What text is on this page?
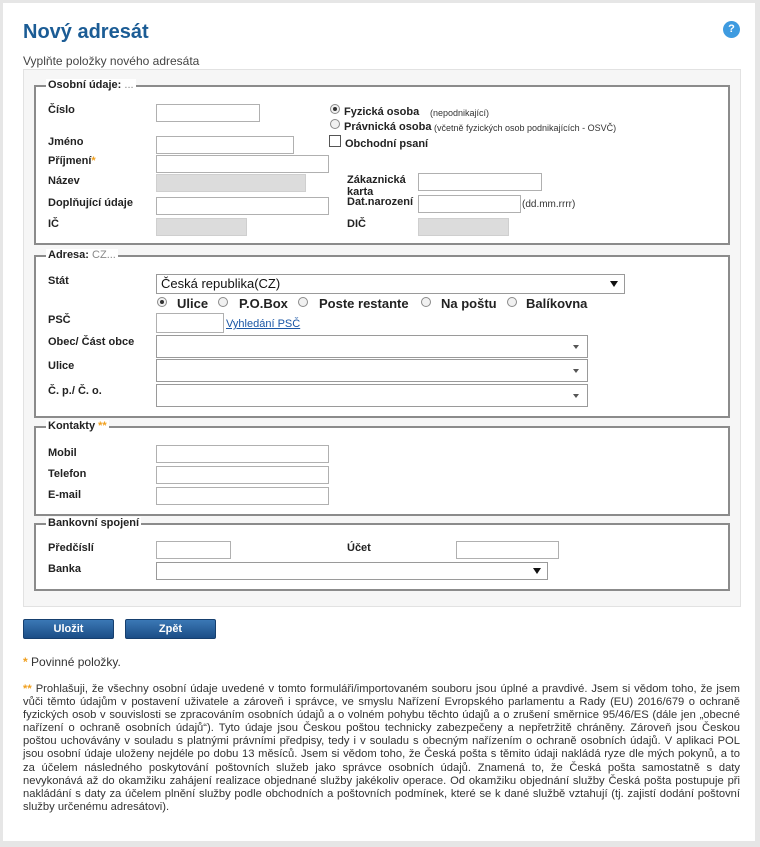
Nový adresát	?
Vyplňte položky nového adresáta
Osobní údaje: ...
Číslo	Fyzická osoba (nepodnikající)
Právnická osoba (včetně fyzických osob podnikajících - OSVČ)
Jméno	Obchodní psaní
Příjmení*
Název	Zákaznická
karta
Doplňující údaje	Dat.narození	(dd.mm.rrrr)
IČ	DIČ
Adresa: CZ...
Stát	Česká republika(CZ)
Ulice P.O.Box Poste restante Na poštu Balíkovna
PSČ	Vyhledání PSČ
Obec/ Část obce
Ulice
Č. p./ Č. o.
Kontakty **
Mobil
Telefon
E-mail
Bankovní spojení
Předčíslí	Účet
Banka
Uložit	Zpět
* Povinné položky.
** Prohlašuji, že všechny osobní údaje uvedené v tomto formuláři/importovaném souboru jsou úplné a pravdivé. Jsem si vědom toho, že jsem vůči těmto údajům v postavení uživatele a zároveň i správce, ve smyslu Nařízení Evropského parlamentu a Rady (EU) 2016/679 o ochraně fyzických osob v souvislosti se zpracováním osobních údajů a o volném pohybu těchto údajů a o zrušení směrnice 95/46/ES (dále jen „obecné nařízení o ochraně osobních údajů“). Tyto údaje jsou Českou poštou technicky zabezpečeny a nepřetržitě chráněny. Zároveň jsou Českou poštou uchovávány v souladu s platnými právními předpisy, tedy i v souladu s obecným nařízením o ochraně osobních údajů. V aplikaci POL jsou osobní údaje uloženy nejdéle po dobu 13 měsíců. Jsem si vědom toho, že Česká pošta s těmito údaji nakládá ryze dle mých pokynů, a to za účelem následného poskytování poštovních služeb jako správce osobních údajů. Znamená to, že Česká pošta samostatně s daty nevykonává až do okamžiku zahájení realizace objednané služby jakékoliv operace. Od okamžiku objednání služby Česká pošta postupuje při nakládání s daty za účelem plnění služby podle obchodních a poštovních podmínek, které se k dané službě vztahují (tj. zajistí dodání poštovní služby určenému adresátovi).
